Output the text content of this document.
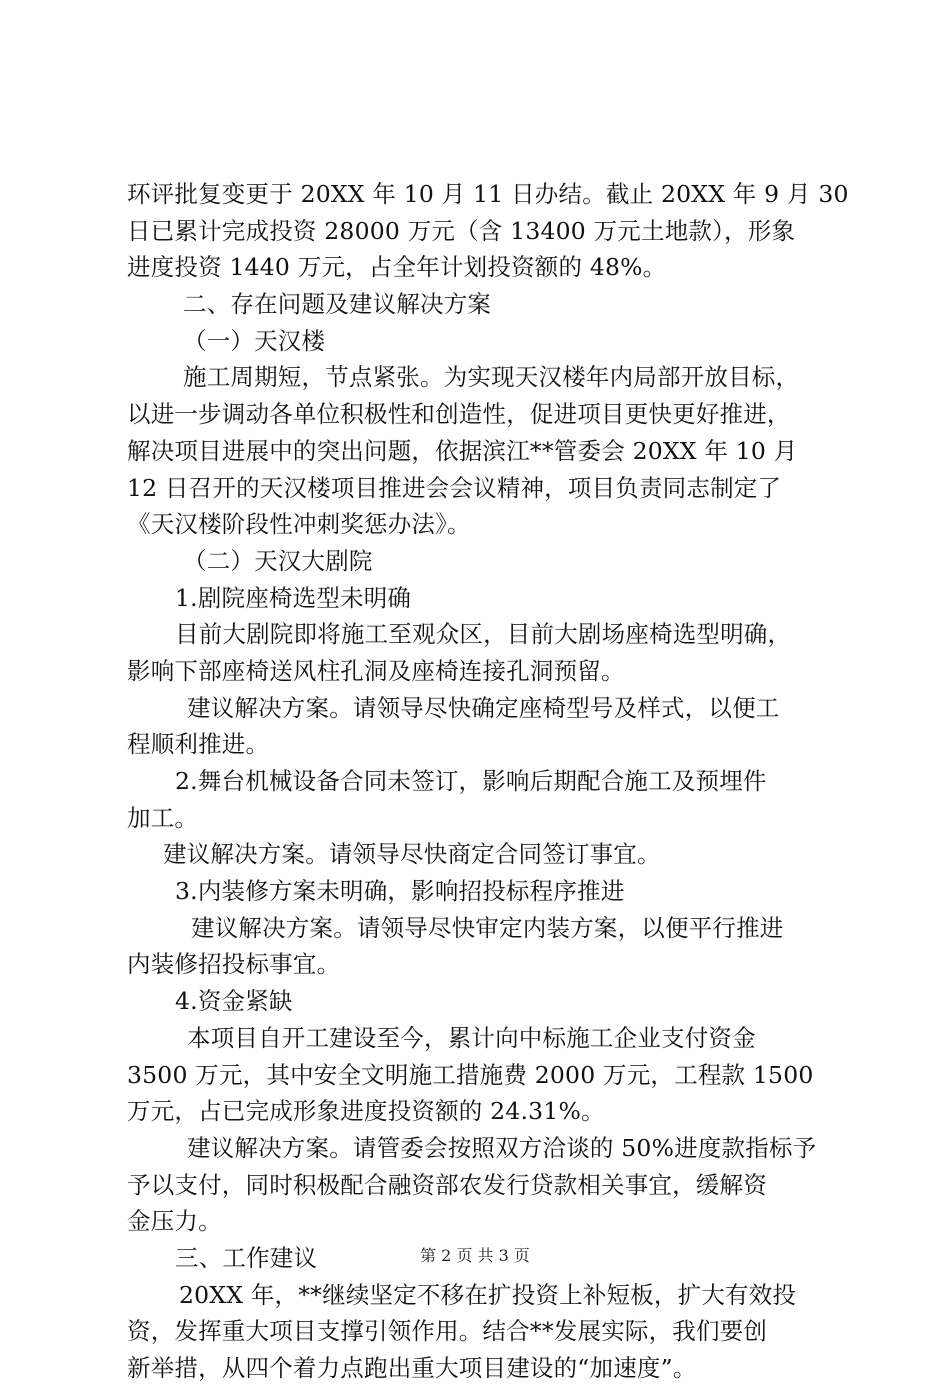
环评批复变更于 20XX 年 10 月 11 日办结。截止 20XX 年 9 月 30
日已累计完成投资 28000 万元（含 13400 万元土地款），形象
进度投资 1440 万元，占全年计划投资额的 48%。
二、存在问题及建议解决方案
（一）天汉楼
施工周期短，节点紧张。为实现天汉楼年内局部开放目标，
以进一步调动各单位积极性和创造性，促进项目更快更好推进，
解决项目进展中的突出问题，依据滨江**管委会 20XX 年 10 月
12 日召开的天汉楼项目推进会会议精神，项目负责同志制定了
《天汉楼阶段性冲刺奖惩办法》。
（二）天汉大剧院
1.剧院座椅选型未明确
目前大剧院即将施工至观众区，目前大剧场座椅选型明确，
影响下部座椅送风柱孔洞及座椅连接孔洞预留。
建议解决方案。请领导尽快确定座椅型号及样式，以便工
程顺利推进。
2.舞台机械设备合同未签订，影响后期配合施工及预埋件
加工。
建议解决方案。请领导尽快商定合同签订事宜。
3.内装修方案未明确，影响招投标程序推进
建议解决方案。请领导尽快审定内装方案，以便平行推进
内装修招投标事宜。
4.资金紧缺
本项目自开工建设至今，累计向中标施工企业支付资金
3500 万元，其中安全文明施工措施费 2000 万元，工程款 1500
万元，占已完成形象进度投资额的 24.31%。
建议解决方案。请管委会按照双方洽谈的 50%进度款指标予
予以支付，同时积极配合融资部农发行贷款相关事宜，缓解资
金压力。
三、工作建议
20XX 年，**继续坚定不移在扩投资上补短板，扩大有效投
资，发挥重大项目支撑引领作用。结合**发展实际，我们要创
新举措，从四个着力点跑出重大项目建设的“加速度”。
第 2 页 共 3 页
